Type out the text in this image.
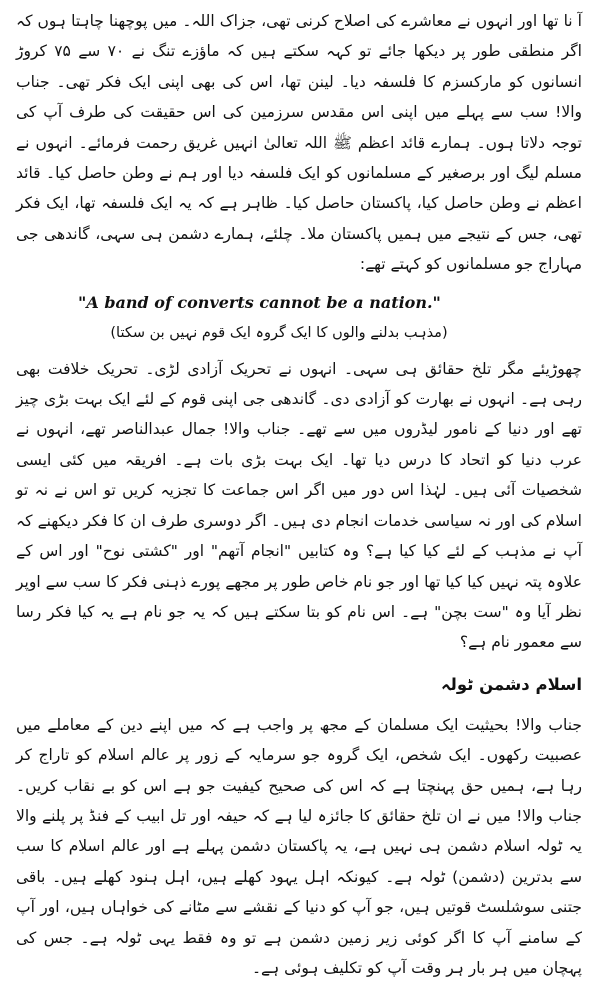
آ نا تھا اور انہوں نے معاشرے کی اصلاح کرنی تھی، جزاک اللہ۔ میں پوچھنا چاہتا ہوں کہ اگر منطقی طور پر دیکھا جائے تو کہہ سکتے ہیں کہ ماؤزے تنگ نے ۷۰ سے ۷۵ کروڑ انسانوں کو مارکسزم کا فلسفہ دیا۔ لینن تھا، اس کی بھی اپنی ایک فکر تھی۔ جناب والا! سب سے پہلے میں اپنی اس مقدس سرزمین کی اس حقیقت کی طرف آپ کی توجہ دلاتا ہوں۔ ہمارے قائد اعظم ﷺ اللہ تعالیٰ انہیں غریق رحمت فرمائے۔ انہوں نے مسلم لیگ اور برصغیر کے مسلمانوں کو ایک فلسفہ دیا اور ہم نے وطن حاصل کیا۔ قائد اعظم نے وطن حاصل کیا، پاکستان حاصل کیا۔ ظاہر ہے کہ یہ ایک فلسفہ تھا، ایک فکر تھی، جس کے نتیجے میں ہمیں پاکستان ملا۔ چلئے، ہمارے دشمن ہی سہی، گاندھی جی مہاراج جو مسلمانوں کو کہتے تھے:

"A band of converts cannot be a nation."

(مذہب بدلنے والوں کا ایک گروہ ایک قوم نہیں بن سکتا)

چھوڑیئے مگر تلخ حقائق ہی سہی۔ انہوں نے تحریک آزادی لڑی۔ تحریک خلافت بھی رہی ہے۔ انہوں نے بھارت کو آزادی دی۔ گاندھی جی اپنی قوم کے لئے ایک بہت بڑی چیز تھے اور دنیا کے نامور لیڈروں میں سے تھے۔ جناب والا! جمال عبدالناصر تھے، انہوں نے عرب دنیا کو اتحاد کا درس دیا تھا۔ ایک بہت بڑی بات ہے۔ افریقہ میں کئی ایسی شخصیات آئی ہیں۔ لہٰذا اس دور میں اگر اس جماعت کا تجزیہ کریں تو اس نے نہ تو اسلام کی اور نہ سیاسی خدمات انجام دی ہیں۔ اگر دوسری طرف ان کا فکر دیکھنے کہ آپ نے مذہب کے لئے کیا کیا ہے؟ وہ کتابیں "انجام آتھم" اور "کشتی نوح" اور اس کے علاوہ پتہ نہیں کیا کیا تھا اور جو نام خاص طور پر مجھے پورے ذہنی فکر کا سب سے اوپر نظر آیا وہ "ست بچن" ہے۔ اس نام کو بتا سکتے ہیں کہ یہ جو نام ہے یہ کیا فکر رسا سے معمور نام ہے؟

اسلام دشمن ٹولہ

جناب والا! بحیثیت ایک مسلمان کے مجھ پر واجب ہے کہ میں اپنے دین کے معاملے میں عصبیت رکھوں۔ ایک شخص، ایک گروہ جو سرمایہ کے زور پر عالم اسلام کو تاراج کر رہا ہے، ہمیں حق پہنچتا ہے کہ اس کی صحیح کیفیت جو ہے اس کو بے نقاب کریں۔ جناب والا! میں نے ان تلخ حقائق کا جائزہ لیا ہے کہ حیفہ اور تل ابیب کے فنڈ پر پلنے والا یہ ٹولہ اسلام دشمن ہی نہیں ہے، یہ پاکستان دشمن پہلے ہے اور عالم اسلام کا سب سے بدترین (دشمن) ٹولہ ہے۔ کیونکہ اہل یہود کھلے ہیں، اہل ہنود کھلے ہیں۔ باقی جتنی سوشلسٹ قوتیں ہیں، جو آپ کو دنیا کے نقشے سے مٹانے کی خواہاں ہیں، اور آپ کے سامنے آپ کا اگر کوئی زیر زمین دشمن ہے تو وہ فقط یہی ٹولہ ہے۔ جس کی پہچان میں ہر بار ہر وقت آپ کو تکلیف ہوئی ہے۔
